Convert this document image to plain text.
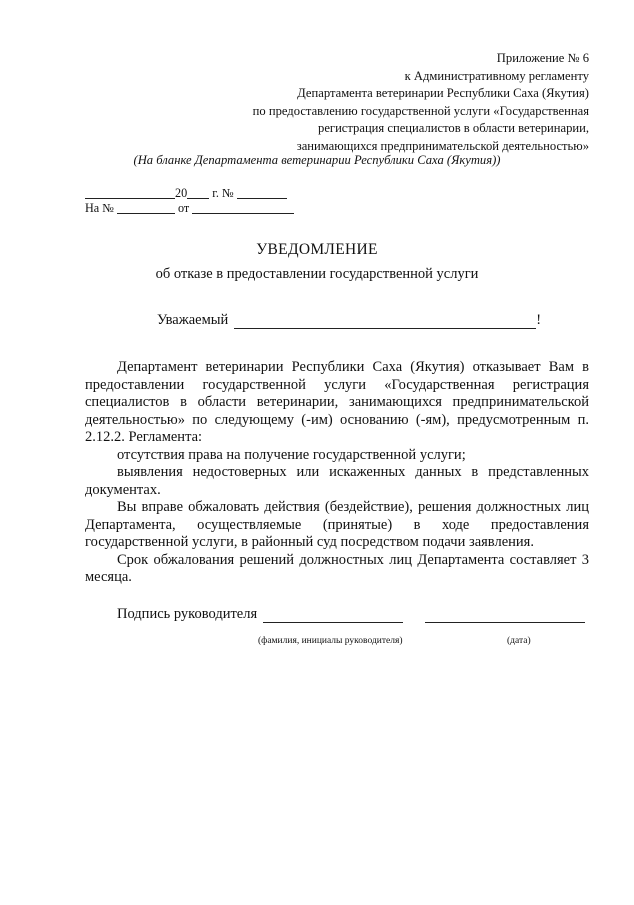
Приложение № 6
к Административному регламенту
Департамента ветеринарии Республики Саха (Якутия)
по предоставлению государственной услуги «Государственная
регистрация специалистов в области ветеринарии,
занимающихся предпринимательской деятельностью»
(На бланке Департамента ветеринарии Республики Саха (Якутия))
20 г. №
На №	от
УВЕДОМЛЕНИЕ
об отказе в предоставлении государственной услуги
Уважаемый	!

Департамент ветеринарии Республики Саха (Якутия) отказывает Вам в предоставлении государственной услуги «Государственная регистрация специалистов в области ветеринарии, занимающихся предпринимательской деятельностью» по следующему (-им) основанию (-ям), предусмотренным п. 2.12.2. Регламента:

отсутствия права на получение государственной услуги;

выявления недостоверных или искаженных данных в представленных документах.

Вы вправе обжаловать действия (бездействие), решения должностных лиц Департамента, осуществляемые (принятые) в ходе предоставления государственной услуги, в районный суд посредством подачи заявления.

Срок обжалования решений должностных лиц Департамента составляет 3 месяца.

Подпись руководителя
(фамилия, инициалы руководителя)	(дата)
